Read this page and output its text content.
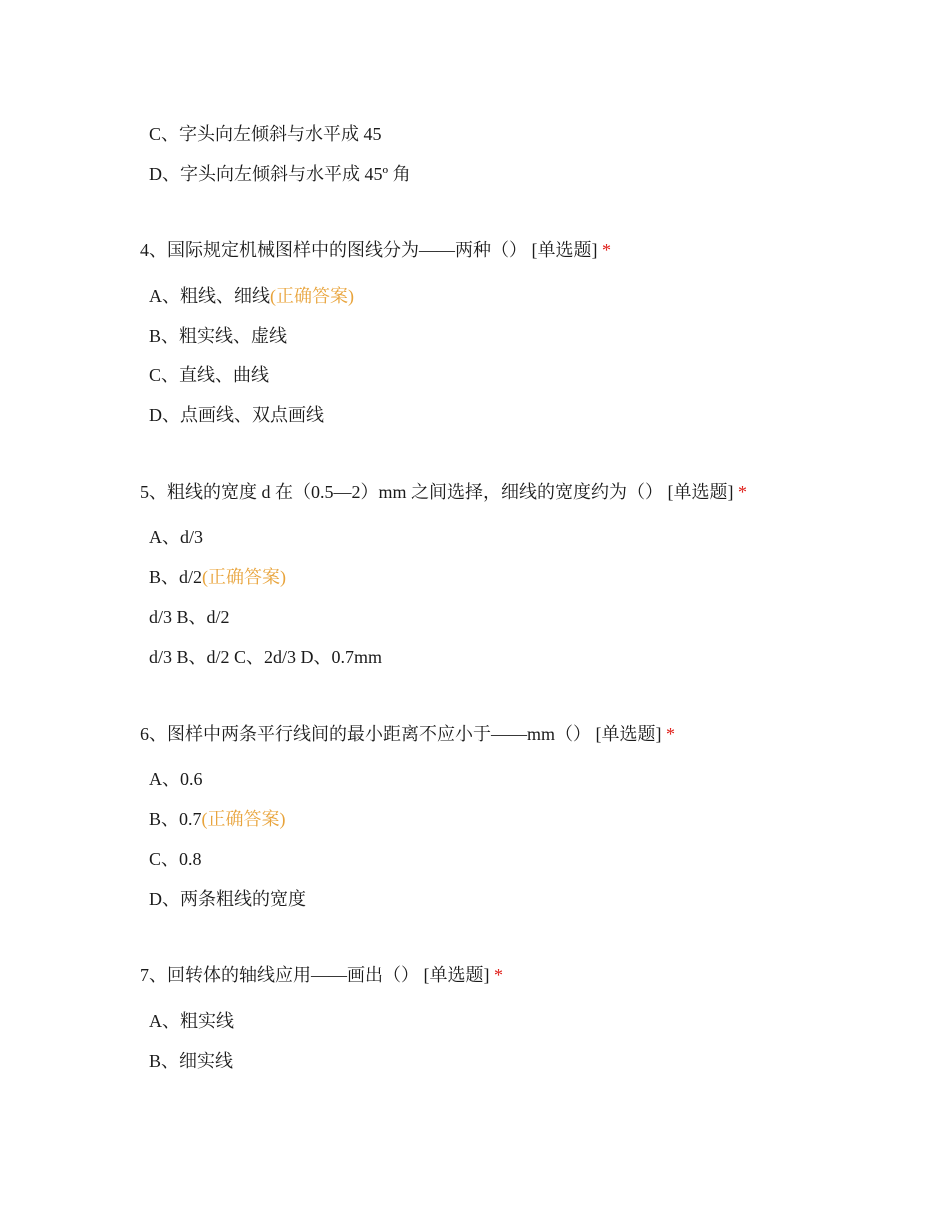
C、字头向左倾斜与水平成 45
D、字头向左倾斜与水平成 45º 角
4、国际规定机械图样中的图线分为——两种（） [单选题] *
A、粗线、细线(正确答案)
B、粗实线、虚线
C、直线、曲线
D、点画线、双点画线
5、粗线的宽度 d 在（0.5—2）mm 之间选择，细线的宽度约为（） [单选题] *
A、d/3
B、d/2(正确答案)
d/3 B、d/2
d/3 B、d/2 C、2d/3 D、0.7mm
6、图样中两条平行线间的最小距离不应小于——mm（） [单选题] *
A、0.6
B、0.7(正确答案)
C、0.8
D、两条粗线的宽度
7、回转体的轴线应用——画出（） [单选题] *
A、粗实线
B、细实线
